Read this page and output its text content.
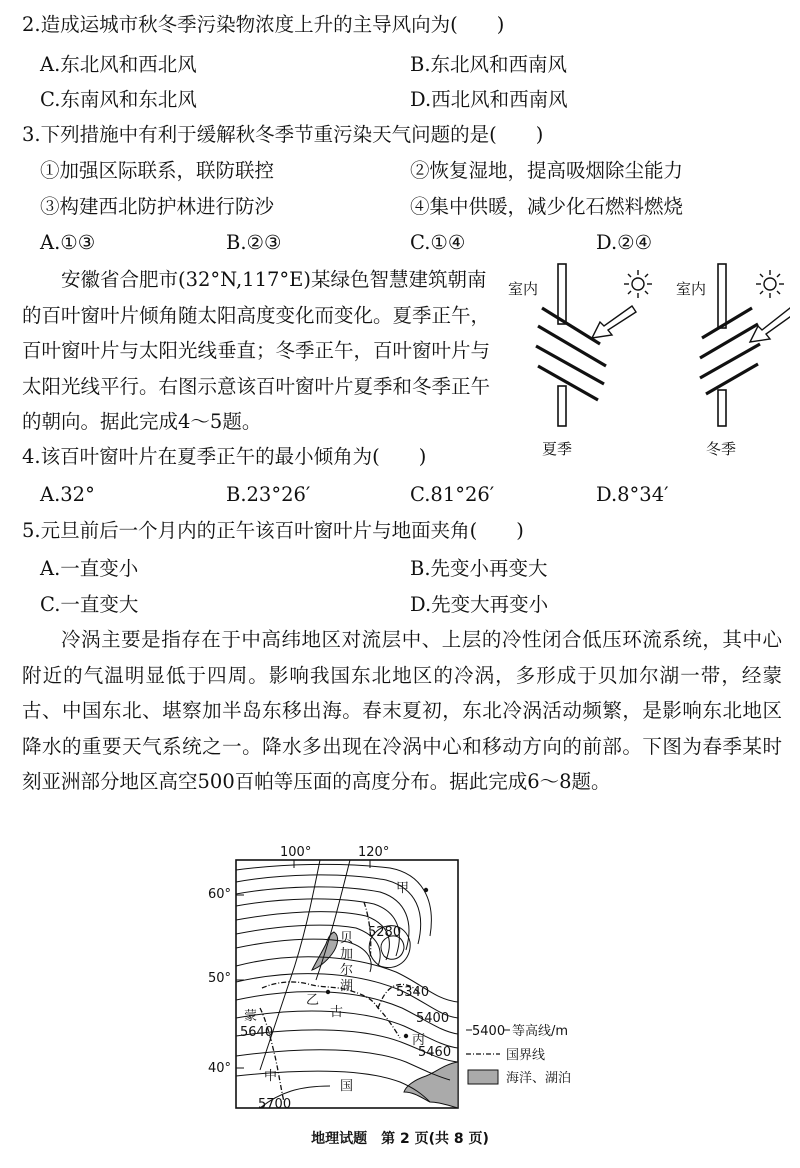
2.造成运城市秋冬季污染物浓度上升的主导风向为(　　)
A.东北风和西北风	B.东北风和西南风
C.东南风和东北风	D.西北风和西南风
3.下列措施中有利于缓解秋冬季节重污染天气问题的是(　　)
①加强区际联系，联防联控	②恢复湿地，提高吸烟除尘能力
③构建西北防护林进行防沙	④集中供暖，减少化石燃料燃烧
A.①③	B.②③	C.①④	D.②④
安徽省合肥市(32°N,117°E)某绿色智慧建筑朝南的百叶窗叶片倾角随太阳高度变化而变化。夏季正午，百叶窗叶片与太阳光线垂直；冬季正午，百叶窗叶片与太阳光线平行。右图示意该百叶窗叶片夏季和冬季正午的朝向。据此完成4～5题。
室内	室内
夏季	冬季
4.该百叶窗叶片在夏季正午的最小倾角为(　　)
A.32°	B.23°26′	C.81°26′	D.8°34′
5.元旦前后一个月内的正午该百叶窗叶片与地面夹角(　　)
A.一直变小	B.先变小再变大
C.一直变大	D.先变大再变小
冷涡主要是指存在于中高纬地区对流层中、上层的冷性闭合低压环流系统，其中心附近的气温明显低于四周。影响我国东北地区的冷涡，多形成于贝加尔湖一带，经蒙古、中国东北、堪察加半岛东移出海。春末夏初，东北冷涡活动频繁，是影响东北地区降水的重要天气系统之一。降水多出现在冷涡中心和移动方向的前部。下图为春季某时刻亚洲部分地区高空500百帕等压面的高度分布。据此完成6～8题。
100°	120°
60°
50°
40°
甲
乙
丙
贝
加
尔
湖
蒙	古
中
国
5280
5340
5400
5460
5640
5700
5400 等高线/m
国界线
海洋、湖泊
地理试题　第 2 页(共 8 页)
